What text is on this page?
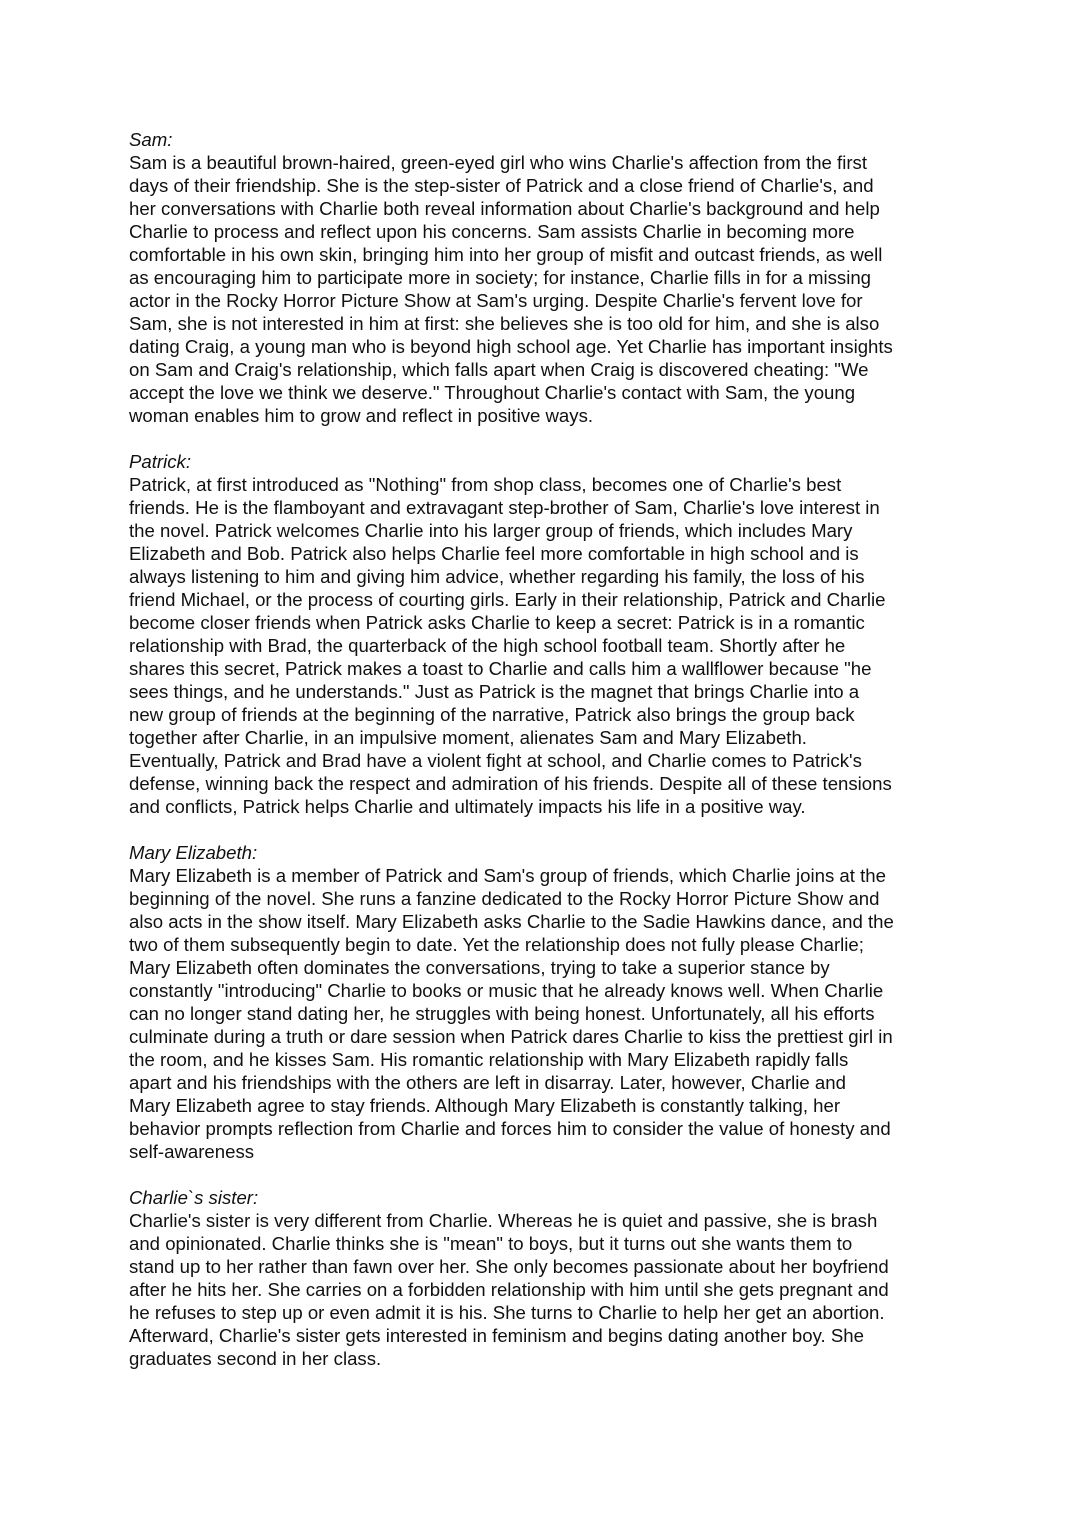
Sam:

Sam is a beautiful brown-haired, green-eyed girl who wins Charlie's affection from the first

days of their friendship. She is the step-sister of Patrick and a close friend of Charlie's, and

her conversations with Charlie both reveal information about Charlie's background and help

Charlie to process and reflect upon his concerns. Sam assists Charlie in becoming more

comfortable in his own skin, bringing him into her group of misfit and outcast friends, as well

as encouraging him to participate more in society; for instance, Charlie fills in for a missing

actor in the Rocky Horror Picture Show at Sam's urging. Despite Charlie's fervent love for

Sam, she is not interested in him at first: she believes she is too old for him, and she is also

dating Craig, a young man who is beyond high school age. Yet Charlie has important insights

on Sam and Craig's relationship, which falls apart when Craig is discovered cheating: "We

accept the love we think we deserve." Throughout Charlie's contact with Sam, the young

woman enables him to grow and reflect in positive ways.

Patrick:

Patrick, at first introduced as "Nothing" from shop class, becomes one of Charlie's best

friends. He is the flamboyant and extravagant step-brother of Sam, Charlie's love interest in

the novel. Patrick welcomes Charlie into his larger group of friends, which includes Mary

Elizabeth and Bob. Patrick also helps Charlie feel more comfortable in high school and is

always listening to him and giving him advice, whether regarding his family, the loss of his

friend Michael, or the process of courting girls. Early in their relationship, Patrick and Charlie

become closer friends when Patrick asks Charlie to keep a secret: Patrick is in a romantic

relationship with Brad, the quarterback of the high school football team. Shortly after he

shares this secret, Patrick makes a toast to Charlie and calls him a wallflower because "he

sees things, and he understands." Just as Patrick is the magnet that brings Charlie into a

new group of friends at the beginning of the narrative, Patrick also brings the group back

together after Charlie, in an impulsive moment, alienates Sam and Mary Elizabeth.

Eventually, Patrick and Brad have a violent fight at school, and Charlie comes to Patrick's

defense, winning back the respect and admiration of his friends. Despite all of these tensions

and conflicts, Patrick helps Charlie and ultimately impacts his life in a positive way.

Mary Elizabeth:

Mary Elizabeth is a member of Patrick and Sam's group of friends, which Charlie joins at the

beginning of the novel. She runs a fanzine dedicated to the Rocky Horror Picture Show and

also acts in the show itself. Mary Elizabeth asks Charlie to the Sadie Hawkins dance, and the

two of them subsequently begin to date. Yet the relationship does not fully please Charlie;

Mary Elizabeth often dominates the conversations, trying to take a superior stance by

constantly "introducing" Charlie to books or music that he already knows well. When Charlie

can no longer stand dating her, he struggles with being honest. Unfortunately, all his efforts

culminate during a truth or dare session when Patrick dares Charlie to kiss the prettiest girl in

the room, and he kisses Sam. His romantic relationship with Mary Elizabeth rapidly falls

apart and his friendships with the others are left in disarray. Later, however, Charlie and

Mary Elizabeth agree to stay friends. Although Mary Elizabeth is constantly talking, her

behavior prompts reflection from Charlie and forces him to consider the value of honesty and

self-awareness

Charlie`s sister:

Charlie's sister is very different from Charlie. Whereas he is quiet and passive, she is brash

and opinionated. Charlie thinks she is "mean" to boys, but it turns out she wants them to

stand up to her rather than fawn over her. She only becomes passionate about her boyfriend

after he hits her. She carries on a forbidden relationship with him until she gets pregnant and

he refuses to step up or even admit it is his. She turns to Charlie to help her get an abortion.

Afterward, Charlie's sister gets interested in feminism and begins dating another boy. She

graduates second in her class.
